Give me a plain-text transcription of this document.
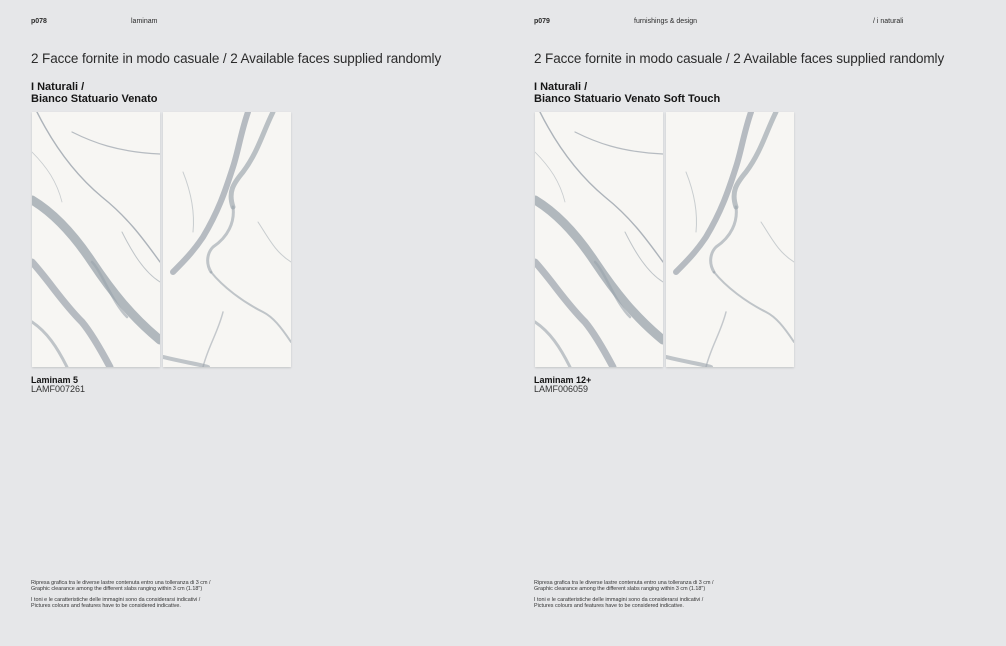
p078	laminam
2 Facce fornite in modo casuale / 2 Available faces supplied randomly
I Naturali /
Bianco Statuario Venato
Laminam 5
LAMF007261

Ripresa grafica tra le diverse lastre contenuta entro una tolleranza di 3 cm /
Graphic clearance among the different slabs ranging within 3 cm (1.18")

I toni e le caratteristiche delle immagini sono da considerarsi indicativi /
Pictures colours and features have to be considered indicative.

p079	furnishings & design	/ i naturali
2 Facce fornite in modo casuale / 2 Available faces supplied randomly
I Naturali /
Bianco Statuario Venato Soft Touch
Laminam 12+
LAMF006059

Ripresa grafica tra le diverse lastre contenuta entro una tolleranza di 3 cm /
Graphic clearance among the different slabs ranging within 3 cm (1.18")

I toni e le caratteristiche delle immagini sono da considerarsi indicativi /
Pictures colours and features have to be considered indicative.
